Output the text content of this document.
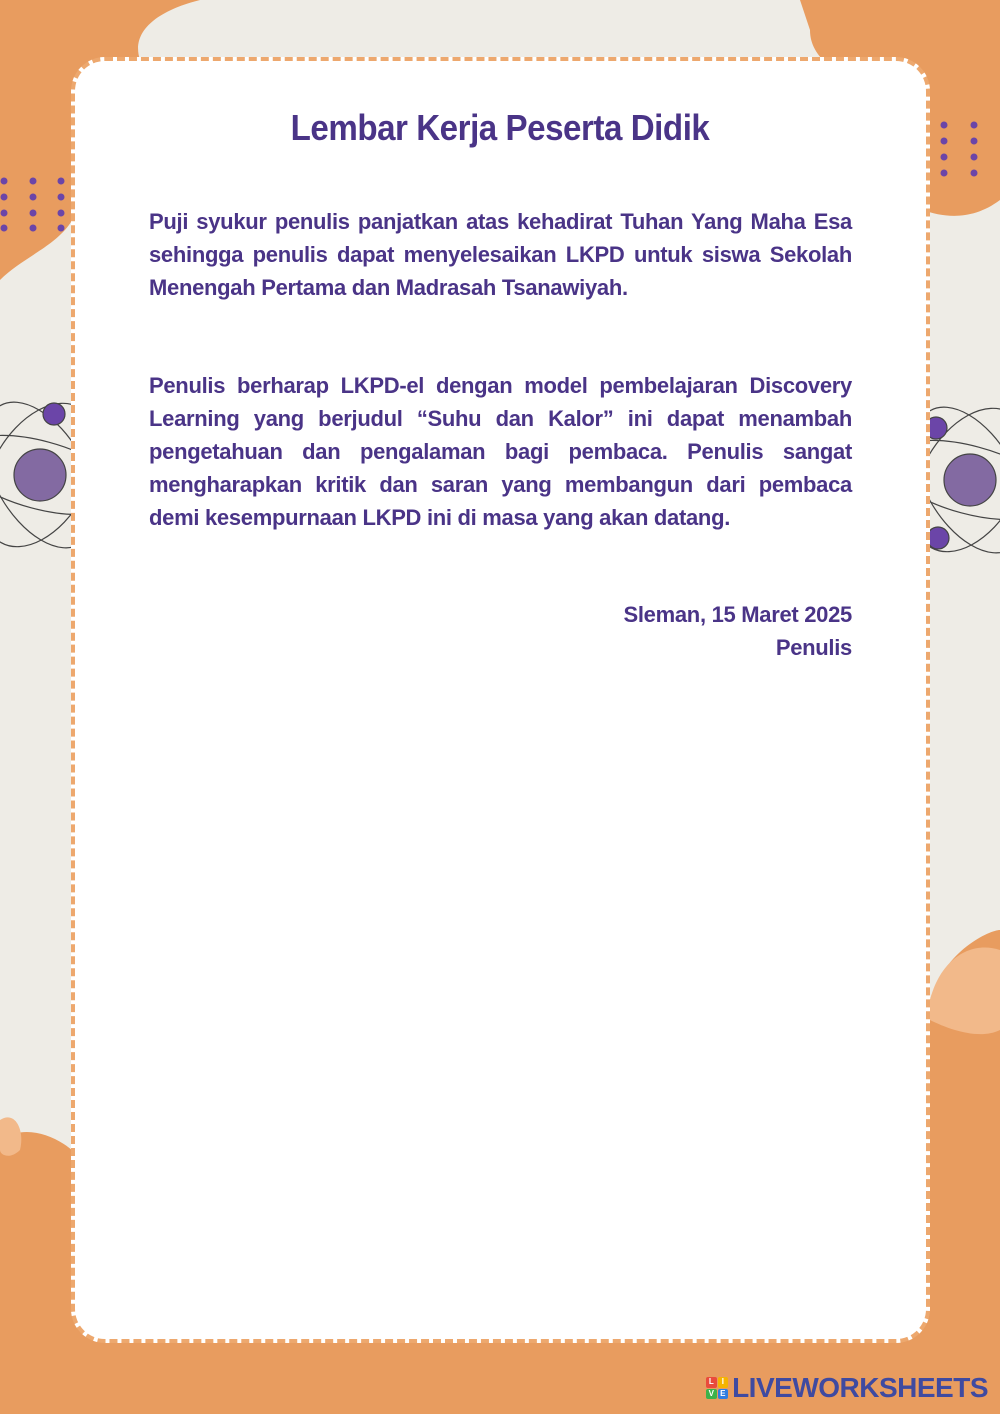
Lembar Kerja Peserta Didik

Puji syukur penulis panjatkan atas kehadirat Tuhan Yang Maha Esa sehingga penulis dapat menyelesaikan LKPD untuk siswa Sekolah Menengah Pertama dan Madrasah Tsanawiyah.

Penulis berharap LKPD-el dengan model pembelajaran Discovery Learning yang berjudul “Suhu dan Kalor” ini dapat menambah pengetahuan dan pengalaman bagi pembaca. Penulis sangat mengharapkan kritik dan saran yang membangun dari pembaca demi kesempurnaan LKPD ini di masa yang akan datang.

Sleman, 15 Maret 2025
Penulis
L I
V E LIVEWORKSHEETS
